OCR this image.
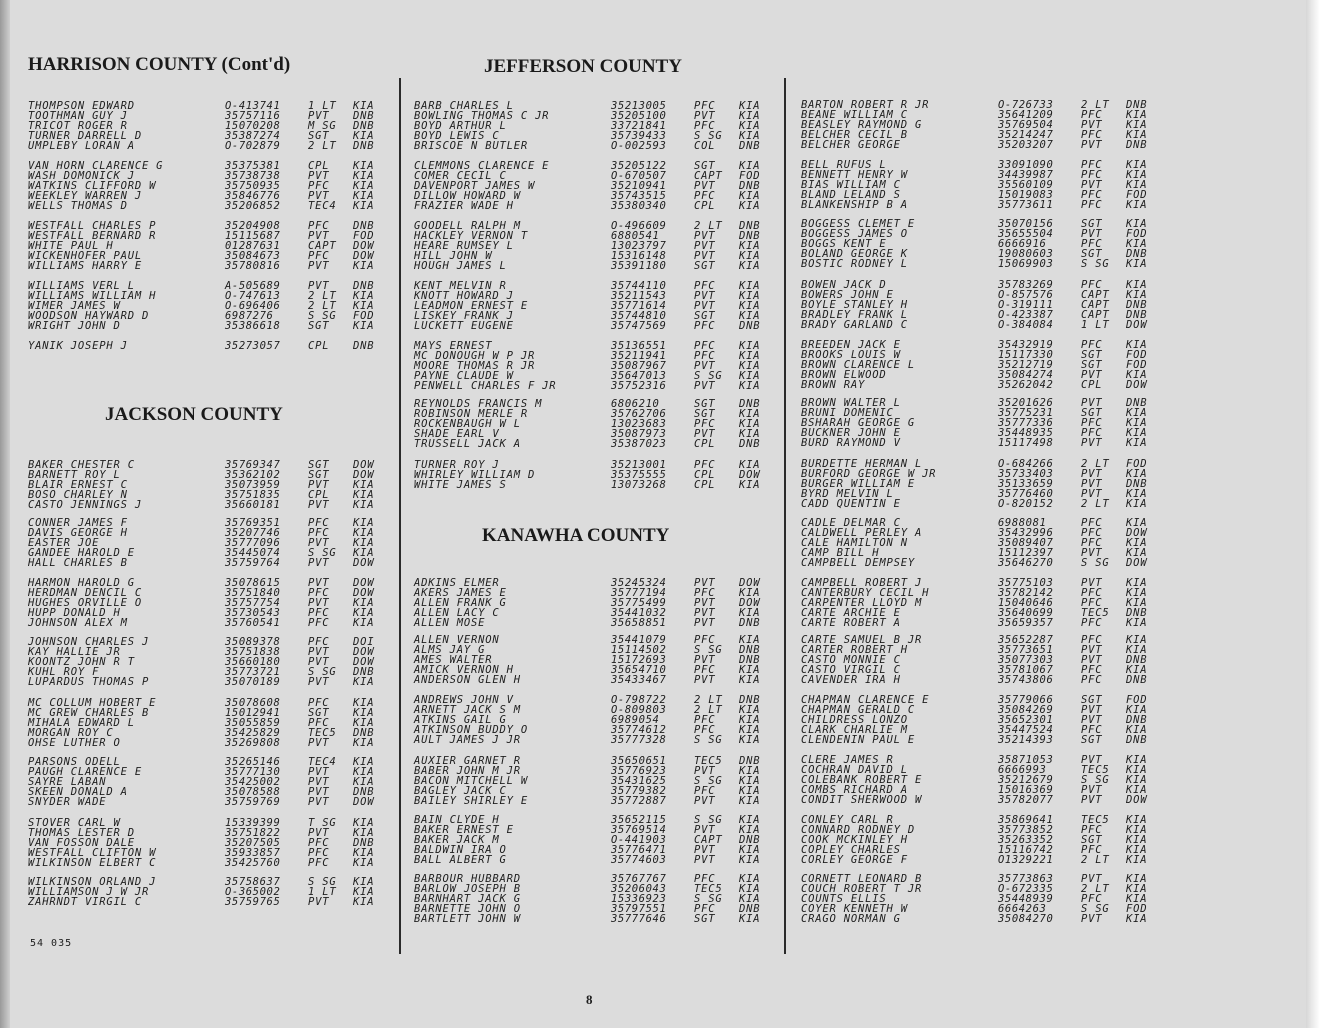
HARRISON COUNTY (Cont'd)
JACKSON COUNTY
JEFFERSON COUNTY
KANAWHA COUNTY
THOMPSON EDWARD	O-413741	1 LT KIA
TOOTHMAN GUY J	35757116	PVT DNB
TRICOT ROGER R	15070208	M SG DNB
TURNER DARRELL D	35387274	SGT KIA
UMPLEBY LORAN A	O-702879	2 LT DNB
VAN HORN CLARENCE G	35375381	CPL KIA
WASH DOMONICK J	35738738	PVT KIA
WATKINS CLIFFORD W	35750935	PFC KIA
WEEKLEY WARREN J	35846776	PVT KIA
WELLS THOMAS D	35206852	TEC4 KIA
WESTFALL CHARLES P	35204908	PFC DNB
WESTFALL BERNARD R	15115687	PVT FOD
WHITE PAUL H	01287631	CAPT DOW
WICKENHOFER PAUL	35084673	PFC DOW
WILLIAMS HARRY E	35780816	PVT KIA
WILLIAMS VERL L	A-505689	PVT DNB
WILLIAMS WILLIAM H	O-747613	2 LT KIA
WIMER JAMES W	O-696406	2 LT KIA
WOODSON HAYWARD D	6987276	S SG FOD
WRIGHT JOHN D	35386618	SGT KIA
YANIK JOSEPH J	35273057	CPL DNB
BAKER CHESTER C	35769347	SGT DOW
BARNETT ROY L	35362102	SGT DOW
BLAIR ERNEST C	35073959	PVT KIA
BOSO CHARLEY N	35751835	CPL KIA
CASTO JENNINGS J	35660181	PVT KIA
CONNER JAMES F	35769351	PFC KIA
DAVIS GEORGE H	35207746	PFC KIA
EASTER JOE	35777096	PVT KIA
GANDEE HAROLD E	35445074	S SG KIA
HALL CHARLES B	35759764	PVT DOW
HARMON HAROLD G	35078615	PVT DOW
HERDMAN DENCIL C	35751840	PFC DOW
HUGHES ORVILLE O	35757754	PVT KIA
HUPP DONALD H	35730543	PFC KIA
JOHNSON ALEX M	35760541	PFC KIA
JOHNSON CHARLES J	35089378	PFC DOI
KAY HALLIE JR	35751838	PVT DOW
KOONTZ JOHN R T	35660180	PVT DOW
KUHL ROY F	35773721	S SG DNB
LUPARDUS THOMAS P	35070189	PVT KIA
MC COLLUM HOBERT E	35078608	PFC KIA
MC GREW CHARLES B	15012941	SGT KIA
MIHALA EDWARD L	35055859	PFC KIA
MORGAN ROY C	35425829	TEC5 DNB
OHSE LUTHER O	35269808	PVT KIA
PARSONS ODELL	35265146	TEC4 KIA
PAUGH CLARENCE E	35777130	PVT KIA
SAYRE LABAN	35425002	PVT KIA
SKEEN DONALD A	35078588	PVT DNB
SNYDER WADE	35759769	PVT DOW
STOVER CARL W	15339399	T SG KIA
THOMAS LESTER D	35751822	PVT KIA
VAN FOSSON DALE	35207505	PFC DNB
WESTFALL CLIFTON W	35933857	PFC KIA
WILKINSON ELBERT C	35425760	PFC KIA
WILKINSON ORLAND J	35758637	S SG KIA
WILLIAMSON J W JR	O-365002	1 LT KIA
ZAHRNDT VIRGIL C	35759765	PVT KIA
BARB CHARLES L	35213005	PFC KIA
BOWLING THOMAS C JR	35205100	PVT KIA
BOYD ARTHUR L	33721841	PFC KIA
BOYD LEWIS C	35739433	S SG KIA
BRISCOE N BUTLER	O-002593	COL DNB
CLEMMONS CLARENCE E	35205122	SGT KIA
COMER CECIL C	O-670507	CAPT FOD
DAVENPORT JAMES W	35210941	PVT DNB
DILLOW HOWARD W	35743515	PFC KIA
FRAZIER WADE H	35380340	CPL KIA
GOODELL RALPH M	O-496609	2 LT DNB
HACKLEY VERNON T	6880541	PVT DNB
HEARE RUMSEY L	13023797	PVT KIA
HILL JOHN W	15316148	PVT KIA
HOUGH JAMES L	35391180	SGT KIA
KENT MELVIN R	35744110	PFC KIA
KNOTT HOWARD J	35211543	PVT KIA
LEADMON ERNEST E	35771614	PVT KIA
LISKEY FRANK J	35744810	SGT KIA
LUCKETT EUGENE	35747569	PFC DNB
MAYS ERNEST	35136551	PFC KIA
MC DONOUGH W P JR	35211941	PFC KIA
MOORE THOMAS R JR	35087967	PVT KIA
PAYNE CLAUDE W	35647013	S SG KIA
PENWELL CHARLES F JR	35752316	PVT KIA
REYNOLDS FRANCIS M	6806210	SGT DNB
ROBINSON MERLE R	35762706	SGT KIA
ROCKENBAUGH W L	13023683	PFC KIA
SHADE EARL V	35087973	PVT KIA
TRUSSELL JACK A	35387023	CPL DNB
TURNER ROY J	35213001	PFC KIA
WHIRLEY WILLIAM D	35375555	CPL DOW
WHITE JAMES S	13073268	CPL KIA
ADKINS ELMER	35245324	PVT DOW
AKERS JAMES E	35777194	PFC KIA
ALLEN FRANK G	35775499	PVT DOW
ALLEN LACY C	35441032	PVT KIA
ALLEN MOSE	35658851	PVT DNB
ALLEN VERNON	35441079	PFC KIA
ALMS JAY G	15114502	S SG DNB
AMES WALTER	15172693	PVT DNB
AMICK VERNON H	35654710	PFC KIA
ANDERSON GLEN H	35433467	PVT KIA
ANDREWS JOHN V	O-798722	2 LT DNB
ARNETT JACK S M	O-809803	2 LT KIA
ATKINS GAIL G	6989054	PFC KIA
ATKINSON BUDDY O	35774612	PFC KIA
AULT JAMES J JR	35777328	S SG KIA
AUXIER GARNET R	35650651	TEC5 DNB
BABER JOHN M JR	35776923	PVT KIA
BACON MITCHELL W	35431625	S SG KIA
BAGLEY JACK C	35779382	PFC KIA
BAILEY SHIRLEY E	35772887	PVT KIA
BAIN CLYDE H	35652115	S SG KIA
BAKER ERNEST E	35769514	PVT KIA
BAKER JACK M	O-441903	CAPT DNB
BALDWIN IRA O	35776471	PVT KIA
BALL ALBERT G	35774603	PVT KIA
BARBOUR HUBBARD	35767767	PFC KIA
BARLOW JOSEPH B	35206043	TEC5 KIA
BARNHART JACK G	15336923	S SG KIA
BARNETTE JOHN O	35797551	PFC DNB
BARTLETT JOHN W	35777646	SGT KIA
BARTON ROBERT R JR	O-726733	2 LT DNB
BEANE WILLIAM C	35641209	PFC KIA
BEASLEY RAYMOND G	35769504	PVT KIA
BELCHER CECIL B	35214247	PFC KIA
BELCHER GEORGE	35203207	PVT DNB
BELL RUFUS L	33091090	PFC KIA
BENNETT HENRY W	34439987	PFC KIA
BIAS WILLIAM C	35560109	PVT KIA
BLAND LELAND S	15019083	PFC FOD
BLANKENSHIP B A	35773611	PFC KIA
BOGGESS CLEMET E	35070156	SGT KIA
BOGGESS JAMES O	35655504	PVT FOD
BOGGS KENT E	6666916	PFC KIA
BOLAND GEORGE K	19080603	SGT DNB
BOSTIC RODNEY L	15069903	S SG KIA
BOWEN JACK D	35783269	PFC KIA
BOWERS JOHN E	O-857576	CAPT KIA
BOYLE STANLEY H	O-319111	CAPT DNB
BRADLEY FRANK L	O-423387	CAPT DNB
BRADY GARLAND C	O-384084	1 LT DOW
BREEDEN JACK E	35432919	PFC KIA
BROOKS LOUIS W	15117330	SGT FOD
BROWN CLARENCE L	35212719	SGT FOD
BROWN ELWOOD	35084274	PVT KIA
BROWN RAY	35262042	CPL DOW
BROWN WALTER L	35201626	PVT DNB
BRUNI DOMENIC	35775231	SGT KIA
BSHARAH GEORGE G	35777336	PFC KIA
BUCKNER JOHN E	35448935	PFC KIA
BURD RAYMOND V	15117498	PVT KIA
BURDETTE HERMAN L	O-684266	2 LT FOD
BURFORD GEORGE W JR	35733403	PVT KIA
BURGER WILLIAM E	35133659	PVT DNB
BYRD MELVIN L	35776460	PVT KIA
CADD QUENTIN E	O-820152	2 LT KIA
CADLE DELMAR C	6988081	PFC KIA
CALDWELL PERLEY A	35432996	PFC DOW
CALE HAMILTON N	35089407	PFC KIA
CAMP BILL H	15112397	PVT KIA
CAMPBELL DEMPSEY	35646270	S SG DOW
CAMPBELL ROBERT J	35775103	PVT KIA
CANTERBURY CECIL H	35782142	PFC KIA
CARPENTER LLOYD M	15040646	PFC KIA
CARTE ARCHIE E	35640699	TEC5 DNB
CARTE ROBERT A	35659357	PFC KIA
CARTE SAMUEL B JR	35652287	PFC KIA
CARTER ROBERT H	35773651	PVT KIA
CASTO MONNIE C	35077303	PVT DNB
CASTO VIRGIL C	35781067	PFC KIA
CAVENDER IRA H	35743806	PFC DNB
CHAPMAN CLARENCE E	35779066	SGT FOD
CHAPMAN GERALD C	35084269	PVT KIA
CHILDRESS LONZO	35652301	PVT DNB
CLARK CHARLIE M	35447524	PFC KIA
CLENDENIN PAUL E	35214393	SGT DNB
CLERE JAMES R	35871053	PVT KIA
COCHRAN DAVID L	6666993	TEC5 KIA
COLEBANK ROBERT E	35212679	S SG KIA
COMBS RICHARD A	15016369	PVT KIA
CONDIT SHERWOOD W	35782077	PVT DOW
CONLEY CARL R	35869641	TEC5 KIA
CONNARD RODNEY D	35773852	PFC KIA
COOK MCKINLEY H	35263352	SGT KIA
COPLEY CHARLES	15116742	PFC KIA
CORLEY GEORGE F	O1329221	2 LT KIA
CORNETT LEONARD B	35773863	PVT KIA
COUCH ROBERT T JR	O-672335	2 LT KIA
COUNTS ELLIS	35448939	PFC KIA
COYER KENNETH W	6664263	S SG FOD
CRAGO NORMAN G	35084270	PVT KIA
54 035
8
